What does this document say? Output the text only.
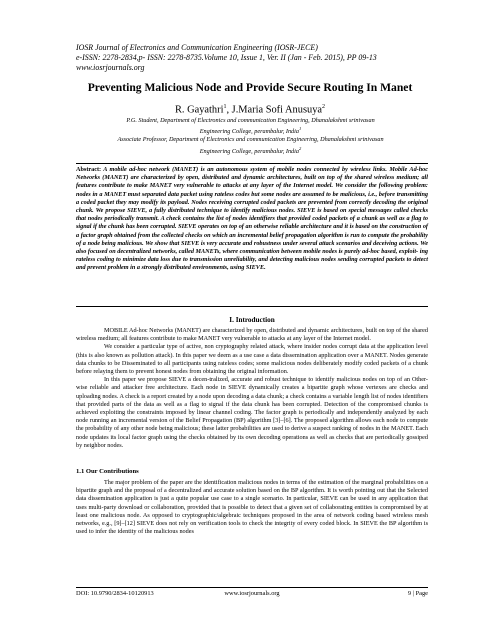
IOSR Journal of Electronics and Communication Engineering (IOSR-JECE)
e-ISSN: 2278-2834,p- ISSN: 2278-8735.Volume 10, Issue 1, Ver. II (Jan - Feb. 2015), PP 09-13
www.iosrjournals.org
Preventing Malicious Node and Provide Secure Routing In Manet
R. Gayathri$^1$, J.Maria Sofi Anusuya$^2$
P.G. Student, Department of Electronics and communication Engineering, Dhanalakshmi srinivasan
Engineering College, perambalur, India$^1$
Associate Professor, Department of Electronics and communication Engineering, Dhanalakshmi srinivasan
Engineering College, perambalur, India$^2$
Abstract: A mobile ad-hoc network (MANET) is an autonomous system of mobile nodes connected by wireless links. Mobile Ad-hoc Networks (MANET) are characterized by open, distributed and dynamic architectures, built on top of the shared wireless medium; all features contribute to make MANET very vulnerable to attacks at any layer of the Internet model. We consider the following problem: nodes in a MANET must separated data packet using rateless codes but some nodes are assumed to be malicious, i.e., before transmitting a coded packet they may modify its payload. Nodes receiving corrupted coded packets are prevented from correctly decoding the original chunk. We propose SIEVE, a fully distributed technique to identify malicious nodes. SIEVE is based on special messages called checks that nodes periodically transmit. A check contains the list of nodes identifiers that provided coded packets of a chunk as well as a flag to signal if the chunk has been corrupted. SIEVE operates on top of an otherwise reliable architecture and it is based on the construction of a factor graph obtained from the collected checks on which an incremental belief propagation algorithm is run to compute the probability of a node being malicious. We show that SIEVE is very accurate and robustness under several attack scenarios and deceiving actions. We also focused on decentralized networks, called MANETs, where communication between mobile nodes is purely ad-hoc based, exploit- ing rateless coding to minimize data loss due to transmission unreliability, and detecting malicious nodes sending corrupted packets to detect and prevent problem in a strongly distributed environments, using SIEVE.
I. Introduction

MOBILE Ad-hoc Networks (MANET) are characterized by open, distributed and dynamic architectures, built on top of the shared wireless medium; all features contribute to make MANET very vulnerable to attacks at any layer of the Internet model.

We consider a particular type of active, non cryptography related attack, where insider nodes corrupt data at the application level (this is also known as pollution attack). In this paper we deem as a use case a data dissemination application over a MANET. Nodes generate data chunks to be Disseminated to all participants using rateless codes; some malicious nodes deliberately modify coded packets of a chunk before relaying them to prevent honest nodes from obtaining the original information.

In this paper we propose SIEVE a decen-tralized, accurate and robust technique to identify malicious nodes on top of an Other-wise reliable and attacker free architecture. Each node in SIEVE dynamically creates a bipartite graph whose vertexes are checks and uploading nodes. A check is a report created by a node upon decoding a data chunk; a check contains a variable length list of nodes identifiers that provided parts of the data as well as a flag to signal if the data chunk has been corrupted. Detection of the compromised chunks is achieved exploiting the constraints imposed by linear channel coding. The factor graph is periodically and independently analyzed by each node running an incremental version of the Belief Propagation (BP) algorithm [3]–[6]. The proposed algorithm allows each node to compute the probability of any other node being malicious; these latter probabilities are used to derive a suspect ranking of nodes in the MANET. Each node updates its local factor graph using the checks obtained by its own decoding operations as well as checks that are periodically gossiped by neighbor nodes.

1.1 Our Contributions

The major problem of the paper are the identification malicious nodes in terms of the estimation of the marginal probabilities on a bipartite graph and the proposal of a decentralized and accurate solution based on the BP algorithm. It is worth pointing out that the Selected data dissemination application is just a quite popular use case to a single scenario. In particular, SIEVE can be used in any application that uses multi-party download or collaboration, provided that is possible to detect that a given set of collaborating entities is compromised by at least one malicious node. As opposed to cryptographic/algebraic techniques proposed in the area of network coding based wireless mesh networks, e.g., [9]–[12] SIEVE does not rely on verification tools to check the integrity of every coded block. In SIEVE the BP algorithm is used to infer the identity of the malicious nodes

DOI: 10.9790/2834-10120913	www.iosrjournals.org	9 | Page
